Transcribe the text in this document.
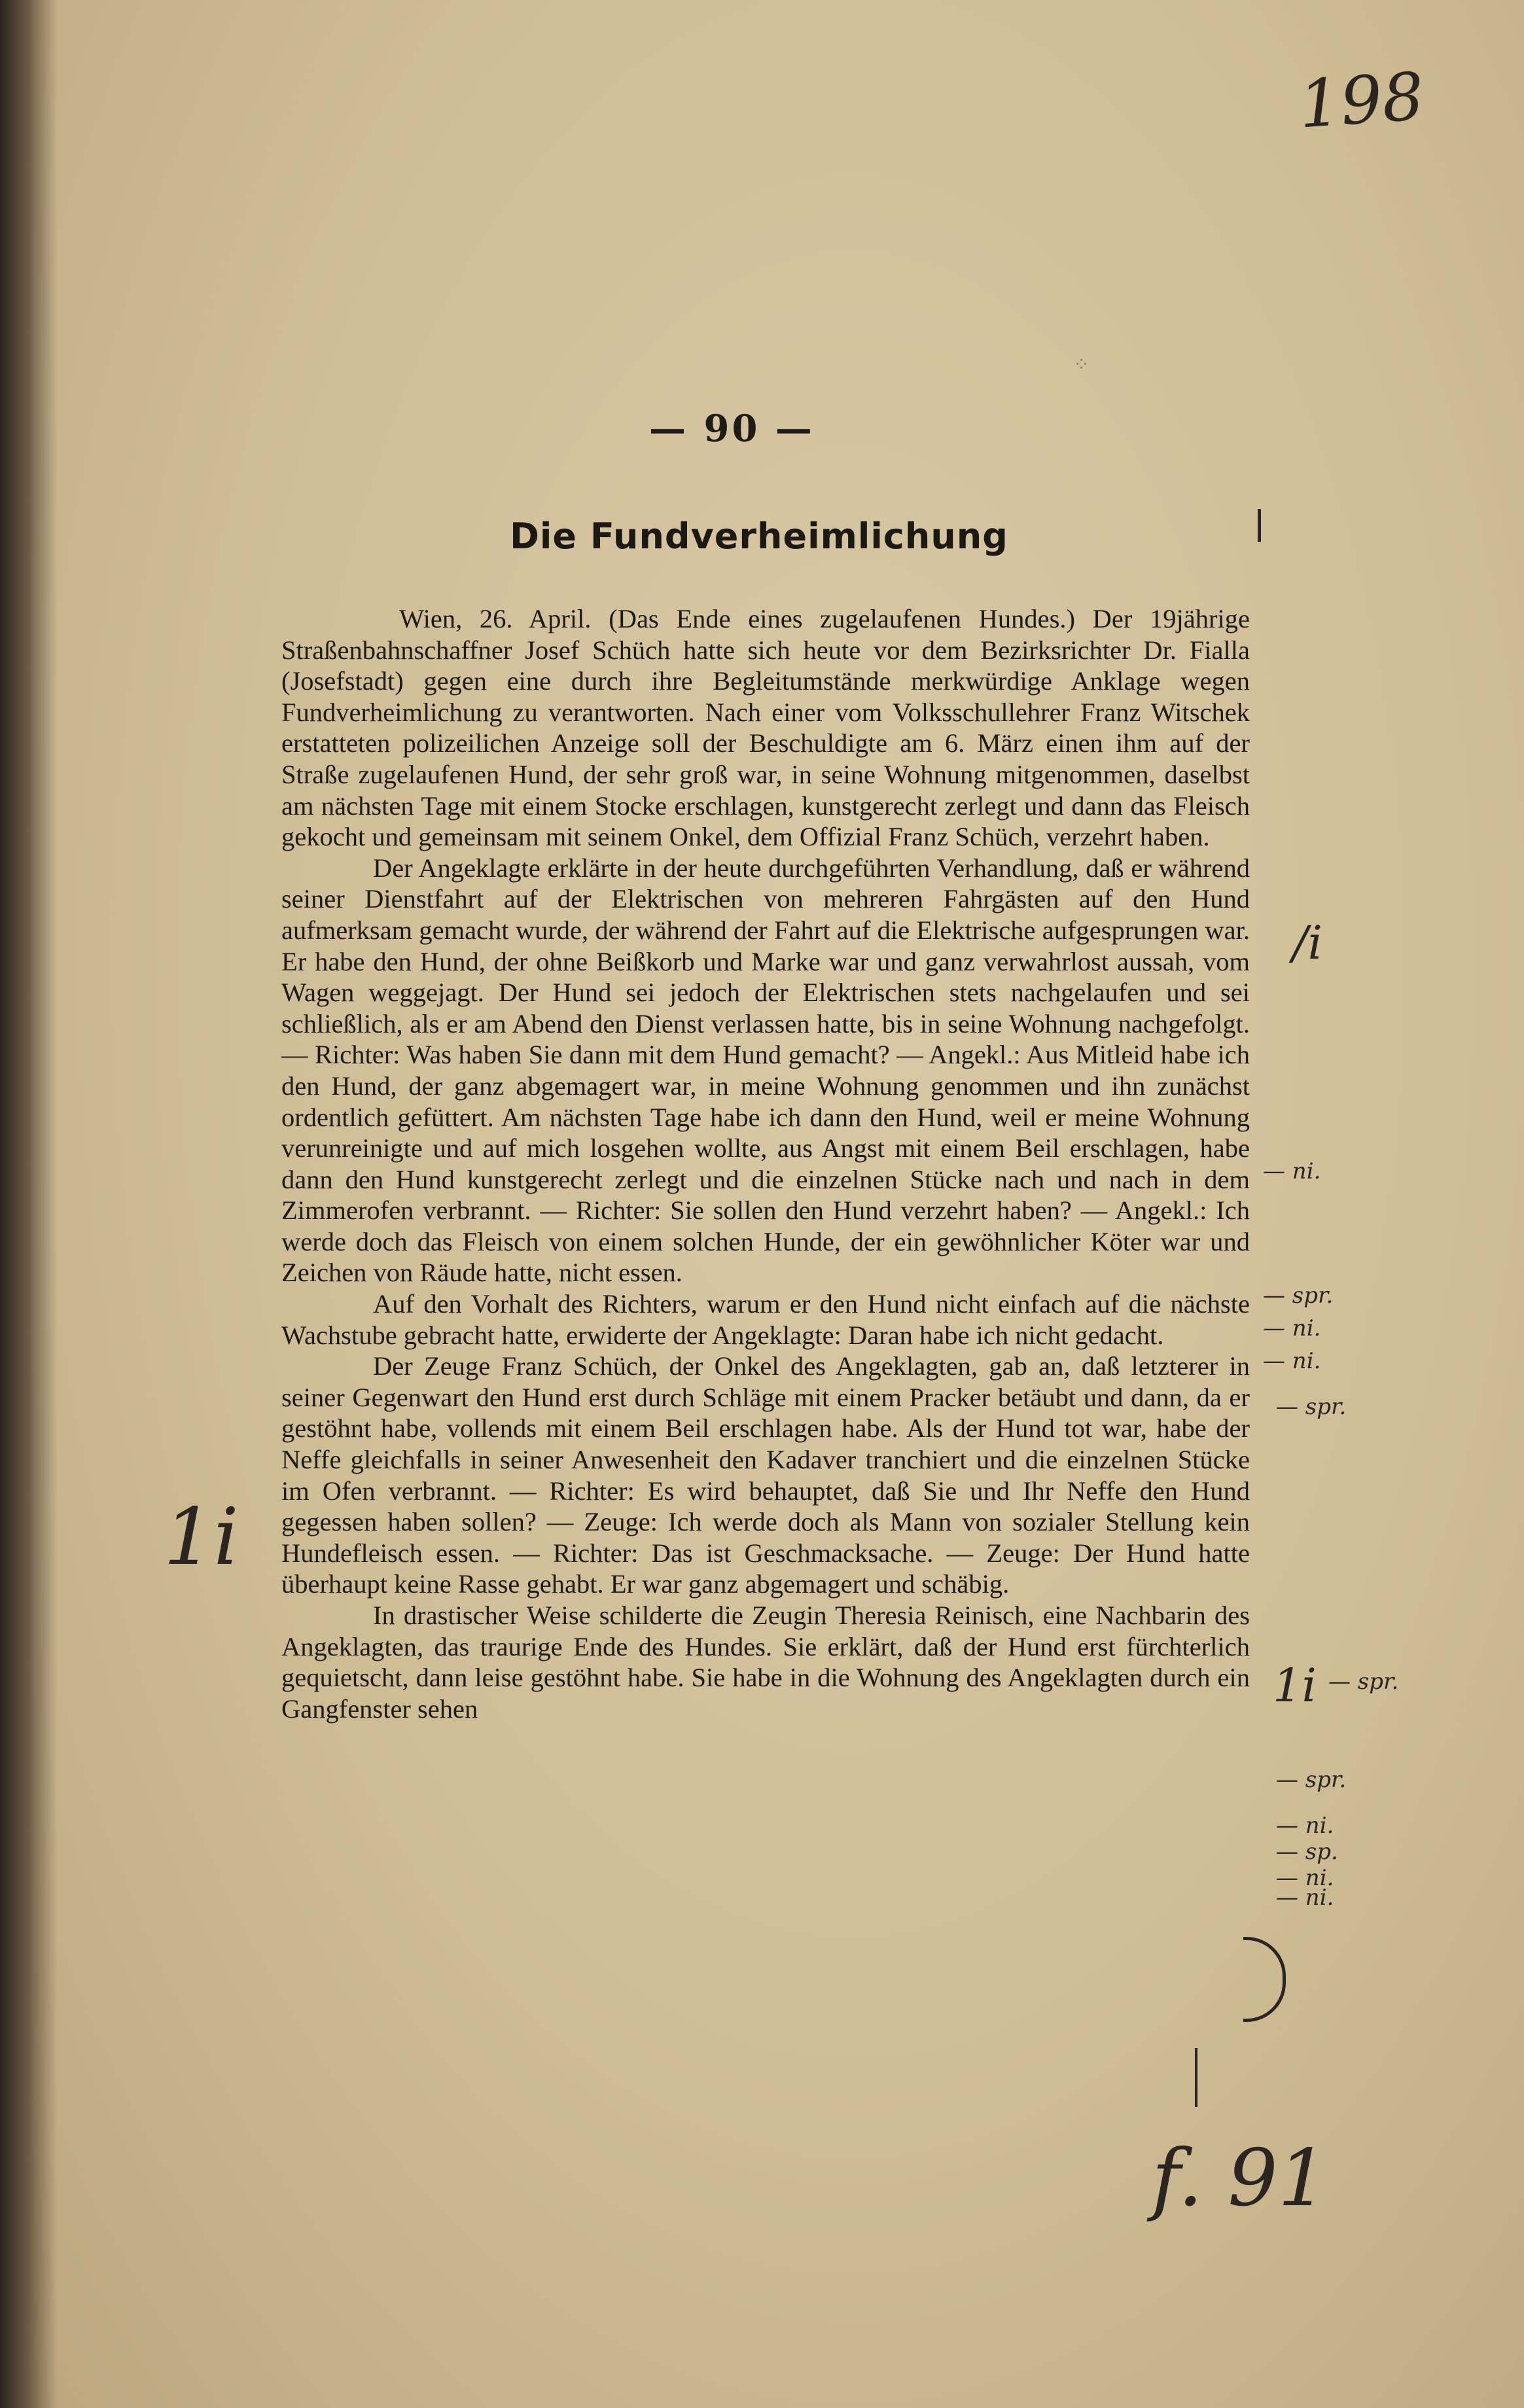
198
⁘
— 90 —
Die Fundverheimlichung

Wien, 26. April. (Das Ende eines zugelaufenen Hundes.) Der 19jährige Straßenbahnschaffner Josef Schüch hatte sich heute vor dem Bezirksrichter Dr. Fialla (Josefstadt) gegen eine durch ihre Begleitumstände merkwürdige Anklage wegen Fundverheimlichung zu verantworten. Nach einer vom Volksschullehrer Franz Witschek erstatteten polizeilichen Anzeige soll der Beschuldigte am 6. März einen ihm auf der Straße zugelaufenen Hund, der sehr groß war, in seine Wohnung mitgenommen, daselbst am nächsten Tage mit einem Stocke erschlagen, kunstgerecht zerlegt und dann das Fleisch gekocht und gemeinsam mit seinem Onkel, dem Offizial Franz Schüch, verzehrt haben.

Der Angeklagte erklärte in der heute durchgeführten Verhandlung, daß er während seiner Dienstfahrt auf der Elektrischen von mehreren Fahrgästen auf den Hund aufmerksam gemacht wurde, der während der Fahrt auf die Elektrische aufgesprungen war. Er habe den Hund, der ohne Beißkorb und Marke war und ganz verwahrlost aussah, vom Wagen weggejagt. Der Hund sei jedoch der Elektrischen stets nachgelaufen und sei schließlich, als er am Abend den Dienst verlassen hatte, bis in seine Wohnung nachgefolgt. — Richter: Was haben Sie dann mit dem Hund gemacht? — Angekl.: Aus Mitleid habe ich den Hund, der ganz abgemagert war, in meine Wohnung genommen und ihn zunächst ordentlich gefüttert. Am nächsten Tage habe ich dann den Hund, weil er meine Wohnung verunreinigte und auf mich losgehen wollte, aus Angst mit einem Beil erschlagen, habe dann den Hund kunstgerecht zerlegt und die einzelnen Stücke nach und nach in dem Zimmerofen verbrannt. — Richter: Sie sollen den Hund verzehrt haben? — Angekl.: Ich werde doch das Fleisch von einem solchen Hunde, der ein gewöhnlicher Köter war und Zeichen von Räude hatte, nicht essen.

Auf den Vorhalt des Richters, warum er den Hund nicht einfach auf die nächste Wachstube gebracht hatte, erwiderte der Angeklagte: Daran habe ich nicht gedacht.

Der Zeuge Franz Schüch, der Onkel des Angeklagten, gab an, daß letzterer in seiner Gegenwart den Hund erst durch Schläge mit einem Pracker betäubt und dann, da er gestöhnt habe, vollends mit einem Beil erschlagen habe. Als der Hund tot war, habe der Neffe gleichfalls in seiner Anwesenheit den Kadaver tranchiert und die einzelnen Stücke im Ofen verbrannt. — Richter: Es wird behauptet, daß Sie und Ihr Neffe den Hund gegessen haben sollen? — Zeuge: Ich werde doch als Mann von sozialer Stellung kein Hundefleisch essen. — Richter: Das ist Geschmacksache. — Zeuge: Der Hund hatte überhaupt keine Rasse gehabt. Er war ganz abgemagert und schäbig.

In drastischer Weise schilderte die Zeugin Theresia Reinisch, eine Nachbarin des Angeklagten, das traurige Ende des Hundes. Sie erklärt, daß der Hund erst fürchterlich gequietscht, dann leise gestöhnt habe. Sie habe in die Wohnung des Angeklagten durch ein Gangfenster sehen

/i
1i
1i
f. 91
— ni.
— spr.
— ni.
— ni.
— spr.
— spr.
— ni.
— sp.
— ni.
— ni.
— spr.
